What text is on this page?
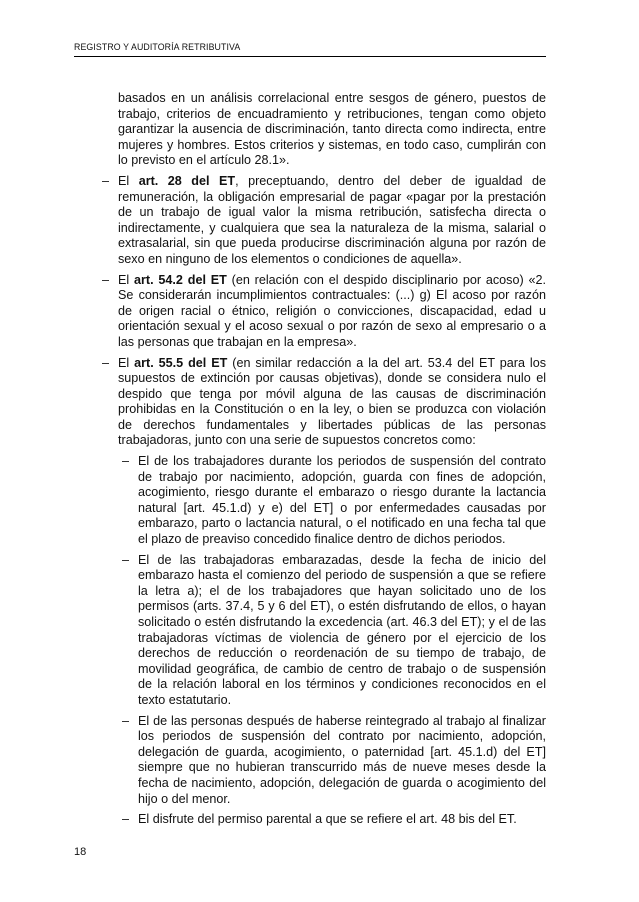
REGISTRO Y AUDITORÍA RETRIBUTIVA

basados en un análisis correlacional entre sesgos de género, puestos de trabajo, criterios de encuadramiento y retribuciones, tengan como objeto garantizar la ausencia de discriminación, tanto directa como indirecta, entre mujeres y hombres. Estos criterios y sistemas, en todo caso, cumplirán con lo previsto en el artículo 28.1».

– El art. 28 del ET, preceptuando, dentro del deber de igualdad de remuneración, la obligación empresarial de pagar «pagar por la prestación de un trabajo de igual valor la misma retribución, satisfecha directa o indirectamente, y cualquiera que sea la naturaleza de la misma, salarial o extrasalarial, sin que pueda producirse discriminación alguna por razón de sexo en ninguno de los elementos o condiciones de aquella».

– El art. 54.2 del ET (en relación con el despido disciplinario por acoso) «2. Se considerarán incumplimientos contractuales: (...) g) El acoso por razón de origen racial o étnico, religión o convicciones, discapacidad, edad u orientación sexual y el acoso sexual o por razón de sexo al empresario o a las personas que trabajan en la empresa».

– El art. 55.5 del ET (en similar redacción a la del art. 53.4 del ET para los supuestos de extinción por causas objetivas), donde se considera nulo el despido que tenga por móvil alguna de las causas de discriminación prohibidas en la Constitución o en la ley, o bien se produzca con violación de derechos fundamentales y libertades públicas de las personas trabajadoras, junto con una serie de supuestos concretos como:

– El de los trabajadores durante los periodos de suspensión del contrato de trabajo por nacimiento, adopción, guarda con fines de adopción, acogimiento, riesgo durante el embarazo o riesgo durante la lactancia natural [art. 45.1.d) y e) del ET] o por enfermedades causadas por embarazo, parto o lactancia natural, o el notificado en una fecha tal que el plazo de preaviso concedido finalice dentro de dichos periodos.

– El de las trabajadoras embarazadas, desde la fecha de inicio del embarazo hasta el comienzo del periodo de suspensión a que se refiere la letra a); el de los trabajadores que hayan solicitado uno de los permisos (arts. 37.4, 5 y 6 del ET), o estén disfrutando de ellos, o hayan solicitado o estén disfrutando la excedencia (art. 46.3 del ET); y el de las trabajadoras víctimas de violencia de género por el ejercicio de los derechos de reducción o reordenación de su tiempo de trabajo, de movilidad geográfica, de cambio de centro de trabajo o de suspensión de la relación laboral en los términos y condiciones reconocidos en el texto estatutario.

– El de las personas después de haberse reintegrado al trabajo al finalizar los periodos de suspensión del contrato por nacimiento, adopción, delegación de guarda, acogimiento, o paternidad [art. 45.1.d) del ET] siempre que no hubieran transcurrido más de nueve meses desde la fecha de nacimiento, adopción, delegación de guarda o acogimiento del hijo o del menor.

– El disfrute del permiso parental a que se refiere el art. 48 bis del ET.

18
